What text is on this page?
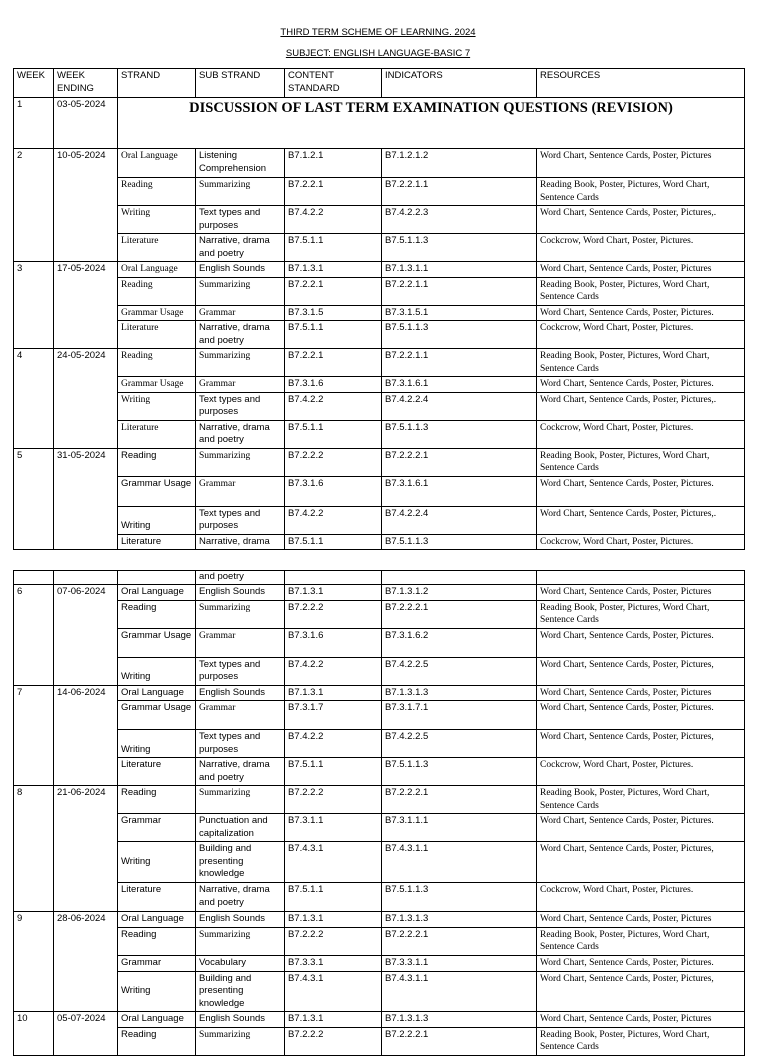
THIRD TERM SCHEME OF LEARNING. 2024
SUBJECT: ENGLISH LANGUAGE-BASIC 7
WEEK	WEEK ENDING	STRAND	SUB STRAND	CONTENT STANDARD	INDICATORS	RESOURCES
1	03-05-2024	DISCUSSION OF LAST TERM EXAMINATION QUESTIONS (REVISION)				
2	10-05-2024	Oral Language	Listening Comprehension	B7.1.2.1	B7.1.2.1.2	Word Chart, Sentence Cards, Poster, Pictures
		Reading	Summarizing	B7.2.2.1	B7.2.2.1.1	Reading Book, Poster, Pictures, Word Chart, Sentence Cards
		Writing	Text types and purposes	B7.4.2.2	B7.4.2.2.3	Word Chart, Sentence Cards, Poster, Pictures,.
		Literature	Narrative, drama and poetry	B7.5.1.1	B7.5.1.1.3	Cockcrow, Word Chart, Poster, Pictures.
3	17-05-2024	Oral Language	English Sounds	B7.1.3.1	B7.1.3.1.1	Word Chart, Sentence Cards, Poster, Pictures
		Reading	Summarizing	B7.2.2.1	B7.2.2.1.1	Reading Book, Poster, Pictures, Word Chart, Sentence Cards
		Grammar Usage	Grammar	B7.3.1.5	B7.3.1.5.1	Word Chart, Sentence Cards, Poster, Pictures.
		Literature	Narrative, drama and poetry	B7.5.1.1	B7.5.1.1.3	Cockcrow, Word Chart, Poster, Pictures.
4	24-05-2024	Reading	Summarizing	B7.2.2.1	B7.2.2.1.1	Reading Book, Poster, Pictures, Word Chart, Sentence Cards
		Grammar Usage	Grammar	B7.3.1.6	B7.3.1.6.1	Word Chart, Sentence Cards, Poster, Pictures.
		Writing	Text types and purposes	B7.4.2.2	B7.4.2.2.4	Word Chart, Sentence Cards, Poster, Pictures,.
		Literature	Narrative, drama and poetry	B7.5.1.1	B7.5.1.1.3	Cockcrow, Word Chart, Poster, Pictures.
5	31-05-2024	Reading	Summarizing	B7.2.2.2	B7.2.2.2.1	Reading Book, Poster, Pictures, Word Chart, Sentence Cards
		Grammar Usage	Grammar	B7.3.1.6	B7.3.1.6.1	Word Chart, Sentence Cards, Poster, Pictures.
		Writing	Text types and purposes	B7.4.2.2	B7.4.2.2.4	Word Chart, Sentence Cards, Poster, Pictures,.
		Literature	Narrative, drama	B7.5.1.1	B7.5.1.1.3	Cockcrow, Word Chart, Poster, Pictures.
			and poetry			
6	07-06-2024	Oral Language	English Sounds	B7.1.3.1	B7.1.3.1.2	Word Chart, Sentence Cards, Poster, Pictures
		Reading	Summarizing	B7.2.2.2	B7.2.2.2.1	Reading Book, Poster, Pictures, Word Chart, Sentence Cards
		Grammar Usage	Grammar	B7.3.1.6	B7.3.1.6.2	Word Chart, Sentence Cards, Poster, Pictures.
		Writing	Text types and purposes	B7.4.2.2	B7.4.2.2.5	Word Chart, Sentence Cards, Poster, Pictures,
7	14-06-2024	Oral Language	English Sounds	B7.1.3.1	B7.1.3.1.3	Word Chart, Sentence Cards, Poster, Pictures
		Grammar Usage	Grammar	B7.3.1.7	B7.3.1.7.1	Word Chart, Sentence Cards, Poster, Pictures.
		Writing	Text types and purposes	B7.4.2.2	B7.4.2.2.5	Word Chart, Sentence Cards, Poster, Pictures,
		Literature	Narrative, drama and poetry	B7.5.1.1	B7.5.1.1.3	Cockcrow, Word Chart, Poster, Pictures.
8	21-06-2024	Reading	Summarizing	B7.2.2.2	B7.2.2.2.1	Reading Book, Poster, Pictures, Word Chart, Sentence Cards
		Grammar	Punctuation and capitalization	B7.3.1.1	B7.3.1.1.1	Word Chart, Sentence Cards, Poster, Pictures.
		Writing	Building and presenting knowledge	B7.4.3.1	B7.4.3.1.1	Word Chart, Sentence Cards, Poster, Pictures,
		Literature	Narrative, drama and poetry	B7.5.1.1	B7.5.1.1.3	Cockcrow, Word Chart, Poster, Pictures.
9	28-06-2024	Oral Language	English Sounds	B7.1.3.1	B7.1.3.1.3	Word Chart, Sentence Cards, Poster, Pictures
		Reading	Summarizing	B7.2.2.2	B7.2.2.2.1	Reading Book, Poster, Pictures, Word Chart, Sentence Cards
		Grammar	Vocabulary	B7.3.3.1	B7.3.3.1.1	Word Chart, Sentence Cards, Poster, Pictures.
		Writing	Building and presenting knowledge	B7.4.3.1	B7.4.3.1.1	Word Chart, Sentence Cards, Poster, Pictures,
10	05-07-2024	Oral Language	English Sounds	B7.1.3.1	B7.1.3.1.3	Word Chart, Sentence Cards, Poster, Pictures
		Reading	Summarizing	B7.2.2.2	B7.2.2.2.1	Reading Book, Poster, Pictures, Word Chart, Sentence Cards
